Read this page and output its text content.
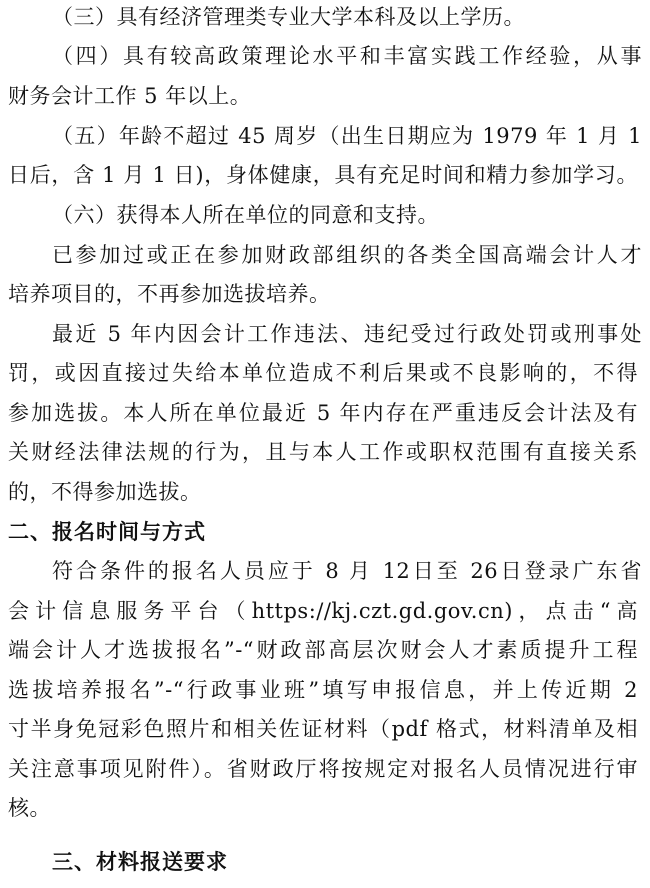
（三）具有经济管理类专业大学本科及以上学历。
（四）具有较高政策理论水平和丰富实践工作经验，从事
财务会计工作 5 年以上。
（五）年龄不超过 45 周岁（出生日期应为 1979 年 1 月 1
日后，含 1 月 1 日)，身体健康，具有充足时间和精力参加学习。
（六）获得本人所在单位的同意和支持。
已参加过或正在参加财政部组织的各类全国高端会计人才
培养项目的，不再参加选拔培养。
最近 5 年内因会计工作违法、违纪受过行政处罚或刑事处
罚，或因直接过失给本单位造成不利后果或不良影响的，不得
参加选拔。本人所在单位最近 5 年内存在严重违反会计法及有
关财经法律法规的行为，且与本人工作或职权范围有直接关系
的，不得参加选拔。
二、报名时间与方式
符合条件的报名人员应于 8 月 12日至 26日登录广东省
会计信息服务平台（https://kj.czt.gd.gov.cn)，点击“高
端会计人才选拔报名”-“财政部高层次财会人才素质提升工程
选拔培养报名”-“行政事业班”填写申报信息，并上传近期 2
寸半身免冠彩色照片和相关佐证材料（pdf 格式，材料清单及相
关注意事项见附件）。省财政厅将按规定对报名人员情况进行审
核。
三、材料报送要求
